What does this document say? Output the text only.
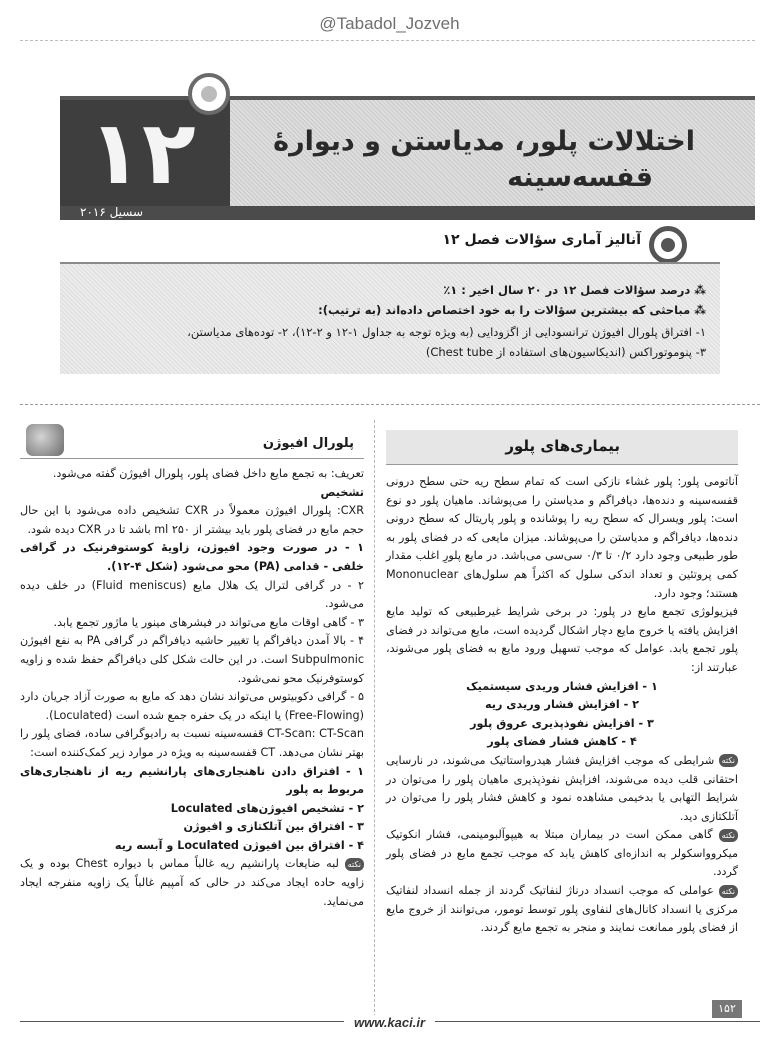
@Tabadol_Jozveh
۱۲
سسیل ۲۰۱۶
اختلالات پلور، مدیاستن و دیوارۀ
قفسه‌سینه
آنالیز آماری سؤالات فصل ۱۲

⁂ درصد سؤالات فصل ۱۲ در ۲۰ سال اخیر : ۱٪

⁂ مباحثی که بیشترین سؤالات را به خود اختصاص داده‌اند (به ترتیب):

۱- افتراق پلورال افیوژن ترانسودایی از اگزودایی (به ویژه توجه به جداول ۱-۱۲ و ۲-۱۲)، ۲- توده‌های مدیاستن،

۳- پنوموتوراکس (اندیکاسیون‌های استفاده از Chest tube)

بیماری‌های پلور

آناتومی پلور: پلور غشاء نازکی است که تمام سطح ریه حتی سطح درونی قفسه‌سینه و دنده‌ها، دیافراگم و مدیاستن را می‌پوشاند. ماهیان پلور دو نوع است: پلور ویسرال که سطح ریه را پوشانده و پلور پاریتال که سطح درونی دنده‌ها، دیافراگم و مدیاستن را می‌پوشاند. میزان مایعی که در فضای پلور به طور طبیعی وجود دارد ۰/۲ تا ۰/۳ سی‌سی می‌باشد. در مایع پلورِ اغلب مقدار کمی پروتئین و تعداد اندکی سلول که اکثراً هم سلول‌های Mononuclear هستند؛ وجود دارد.

فیزیولوژی تجمع مایع در پلور: در برخی شرایط غیرطبیعی که تولید مایع افزایش یافته یا خروج مایع دچار اشکال گردیده است، مایع می‌تواند در فضای پلور تجمع یابد. عوامل که موجب تسهیل ورود مایع به فضای پلور می‌شوند، عبارتند از:

۱ - افزایش فشار وریدی سیستمیک

۲ - افزایش فشار وریدی ریه

۳ - افزایش نفوذپذیری عروق پلور

۴ - کاهش فشار فضای پلور

نکته شرایطی که موجب افزایش فشار هیدرواستاتیک می‌شوند، در نارسایی احتقانی قلب دیده می‌شوند، افزایش نفوذپذیری ماهیان پلور را می‌توان در شرایط التهابی یا بدخیمی مشاهده نمود و کاهش فشار پلور را می‌توان در آتلکتازی دید.

نکته گاهی ممکن است در بیماران مبتلا به هیپوآلبومینمی، فشار انکوتیک میکروواسکولر به اندازه‌ای کاهش یابد که موجب تجمع مایع در فضای پلور گردد.

نکته عواملی که موجب انسداد درناژ لنفاتیک گردند از جمله انسداد لنفاتیک مرکزی یا انسداد کانال‌های لنفاوی پلور توسط تومور، می‌توانند از خروج مایع از فضای پلور ممانعت نمایند و منجر به تجمع مایع گردند.

پلورال افیوژن

تعریف: به تجمع مایع داخل فضای پلور، پلورال افیوژن گفته می‌شود.

تشخیص

CXR: پلورال افیوژن معمولاً در CXR تشخیص داده می‌شود با این حال حجم مایع در فضای پلور باید بیشتر از ۲۵۰ ml باشد تا در CXR دیده شود.

۱ - در صورت وجود افیوژن، زاویۀ کوستوفرنیک در گرافی خلفی - قدامی (PA) محو می‌شود (شکل ۴-۱۲).

۲ - در گرافی لترال یک هلال مایع (Fluid meniscus) در خلف دیده می‌شود.

۳ - گاهی اوقات مایع می‌تواند در فیشرهای مینور یا ماژور تجمع یابد.

۴ - بالا آمدن دیافراگم یا تغییر حاشیه دیافراگم در گرافی PA به نفع افیوژن Subpulmonic است. در این حالت شکل کلی دیافراگم حفظ شده و زاویه کوستوفرنیک محو نمی‌شود.

۵ - گرافی دکوبیتوس می‌تواند نشان دهد که مایع به صورت آزاد جریان دارد (Free-Flowing) یا اینکه در یک حفره جمع شده است (Loculated).

CT-Scan: CT-Scan قفسه‌سینه نسبت به رادیوگرافی ساده، فضای پلور را بهتر نشان می‌دهد. CT قفسه‌سینه به ویژه در موارد زیر کمک‌کننده است:

۱ - افتراق دادن ناهنجاری‌های پارانشیم ریه از ناهنجاری‌های مربوط به پلور

۲ - تشخیص افیوژن‌های Loculated

۳ - افتراق بین آتلکتازی و افیوژن

۴ - افتراق بین افیوژن Loculated و آبسه ریه

نکته لبه ضایعات پارانشیم ریه غالباً مماس با دیواره Chest بوده و یک زاویه حاده ایجاد می‌کند در حالی که آمپیم غالباً یک زاویه منفرجه ایجاد می‌نماید.

www.kaci.ir
۱۵۲
